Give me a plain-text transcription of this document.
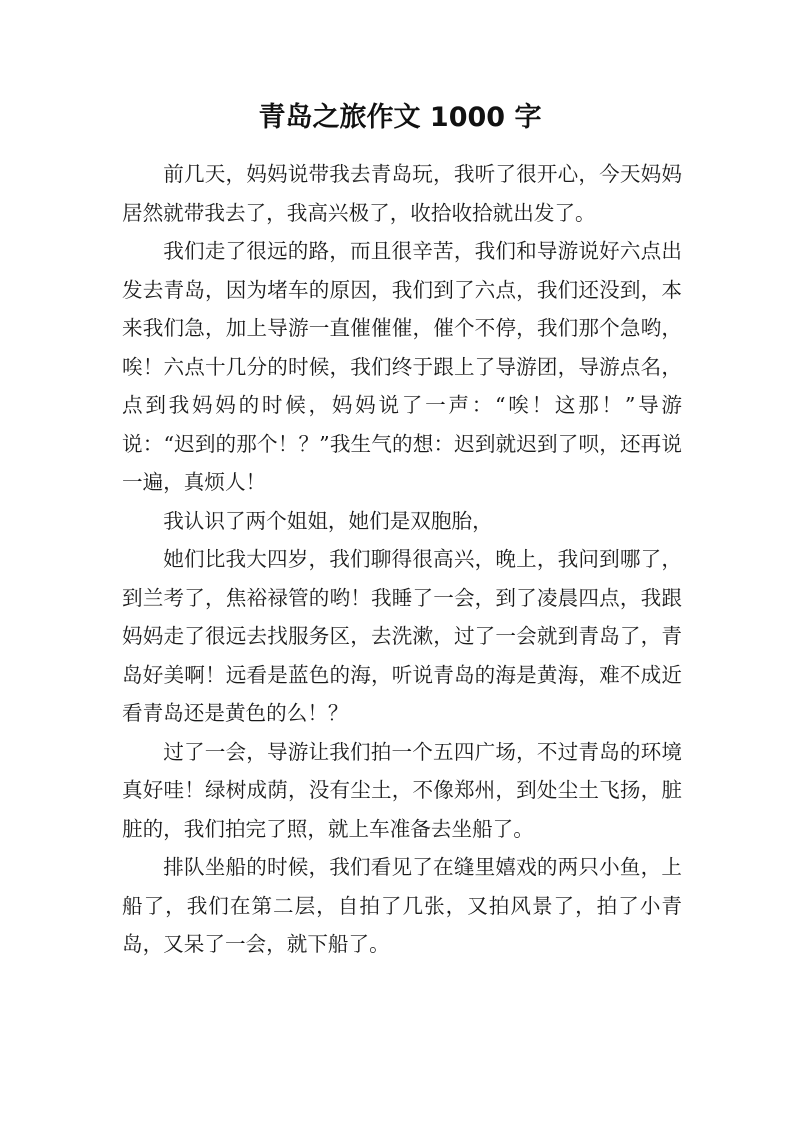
青岛之旅作文 1000 字

前几天，妈妈说带我去青岛玩，我听了很开心，今天妈妈居然就带我去了，我高兴极了，收拾收拾就出发了。

我们走了很远的路，而且很辛苦，我们和导游说好六点出发去青岛，因为堵车的原因，我们到了六点，我们还没到，本来我们急，加上导游一直催催催，催个不停，我们那个急哟，唉！六点十几分的时候，我们终于跟上了导游团，导游点名，点到我妈妈的时候，妈妈说了一声：“唉！这那！”导游说：“迟到的那个！？”我生气的想：迟到就迟到了呗，还再说一遍，真烦人！

我认识了两个姐姐，她们是双胞胎，

她们比我大四岁，我们聊得很高兴，晚上，我问到哪了，到兰考了，焦裕禄管的哟！我睡了一会，到了凌晨四点，我跟妈妈走了很远去找服务区，去洗漱，过了一会就到青岛了，青岛好美啊！远看是蓝色的海，听说青岛的海是黄海，难不成近看青岛还是黄色的么！？

过了一会，导游让我们拍一个五四广场，不过青岛的环境真好哇！绿树成荫，没有尘土，不像郑州，到处尘土飞扬，脏脏的，我们拍完了照，就上车准备去坐船了。

排队坐船的时候，我们看见了在缝里嬉戏的两只小鱼，上船了，我们在第二层，自拍了几张，又拍风景了，拍了小青岛，又呆了一会，就下船了。
